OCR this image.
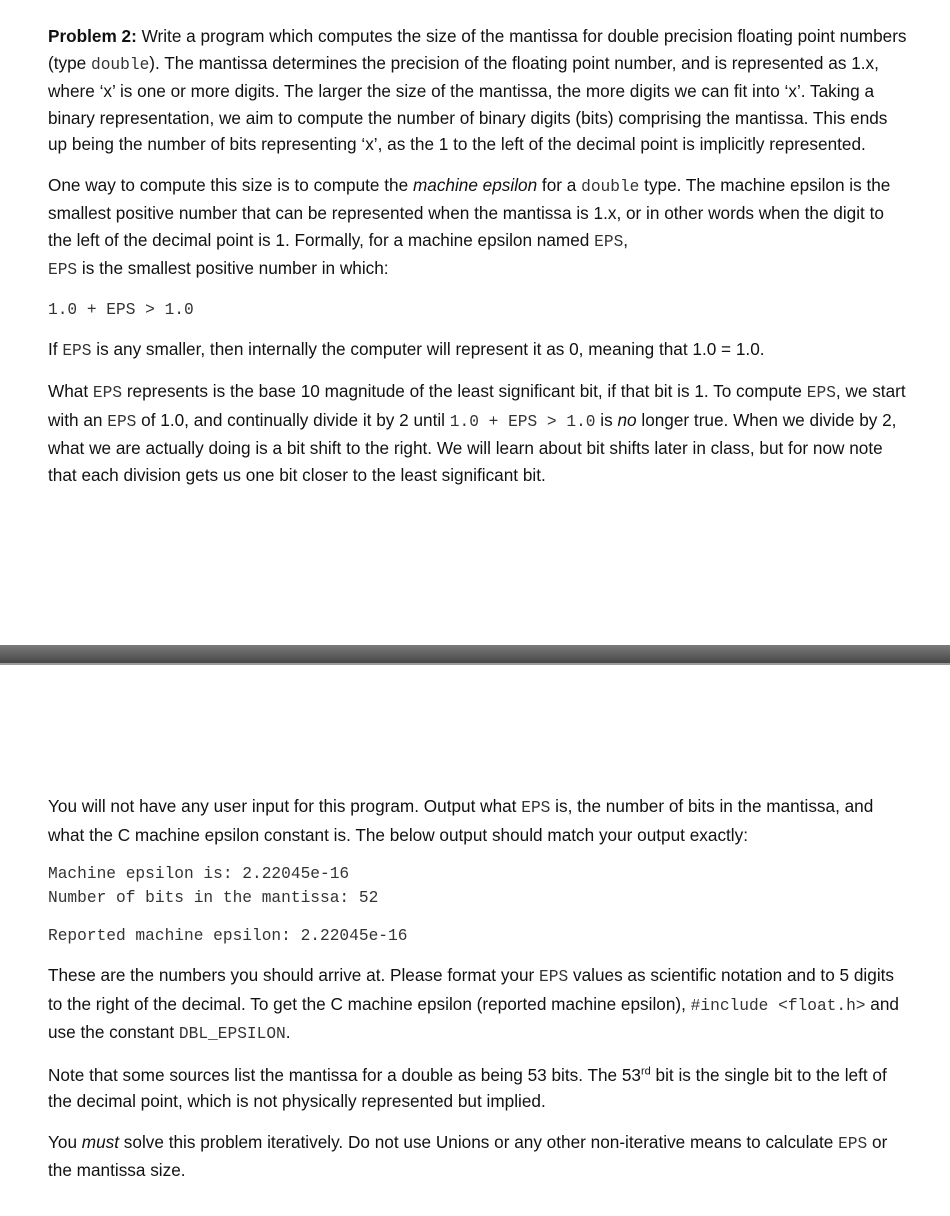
Problem 2: Write a program which computes the size of the mantissa for double precision floating point numbers (type double). The mantissa determines the precision of the floating point number, and is represented as 1.x, where ‘x’ is one or more digits. The larger the size of the mantissa, the more digits we can fit into ‘x’. Taking a binary representation, we aim to compute the number of binary digits (bits) comprising the mantissa. This ends up being the number of bits representing ‘x’, as the 1 to the left of the decimal point is implicitly represented.

One way to compute this size is to compute the machine epsilon for a double type. The machine epsilon is the smallest positive number that can be represented when the mantissa is 1.x, or in other words when the digit to the left of the decimal point is 1. Formally, for a machine epsilon named EPS,
EPS is the smallest positive number in which:

1.0 + EPS > 1.0

If EPS is any smaller, then internally the computer will represent it as 0, meaning that 1.0 = 1.0.

What EPS represents is the base 10 magnitude of the least significant bit, if that bit is 1. To compute EPS, we start with an EPS of 1.0, and continually divide it by 2 until 1.0 + EPS > 1.0 is no longer true. When we divide by 2, what we are actually doing is a bit shift to the right. We will learn about bit shifts later in class, but for now note that each division gets us one bit closer to the least significant bit.

You will not have any user input for this program. Output what EPS is, the number of bits in the mantissa, and what the C machine epsilon constant is. The below output should match your output exactly:

Machine epsilon is: 2.22045e-16
Number of bits in the mantissa: 52
Reported machine epsilon: 2.22045e-16

These are the numbers you should arrive at. Please format your EPS values as scientific notation and to 5 digits to the right of the decimal. To get the C machine epsilon (reported machine epsilon), #include <float.h> and use the constant DBL_EPSILON.

Note that some sources list the mantissa for a double as being 53 bits. The 53rd bit is the single bit to the left of the decimal point, which is not physically represented but implied.

You must solve this problem iteratively. Do not use Unions or any other non-iterative means to calculate EPS or the mantissa size.
